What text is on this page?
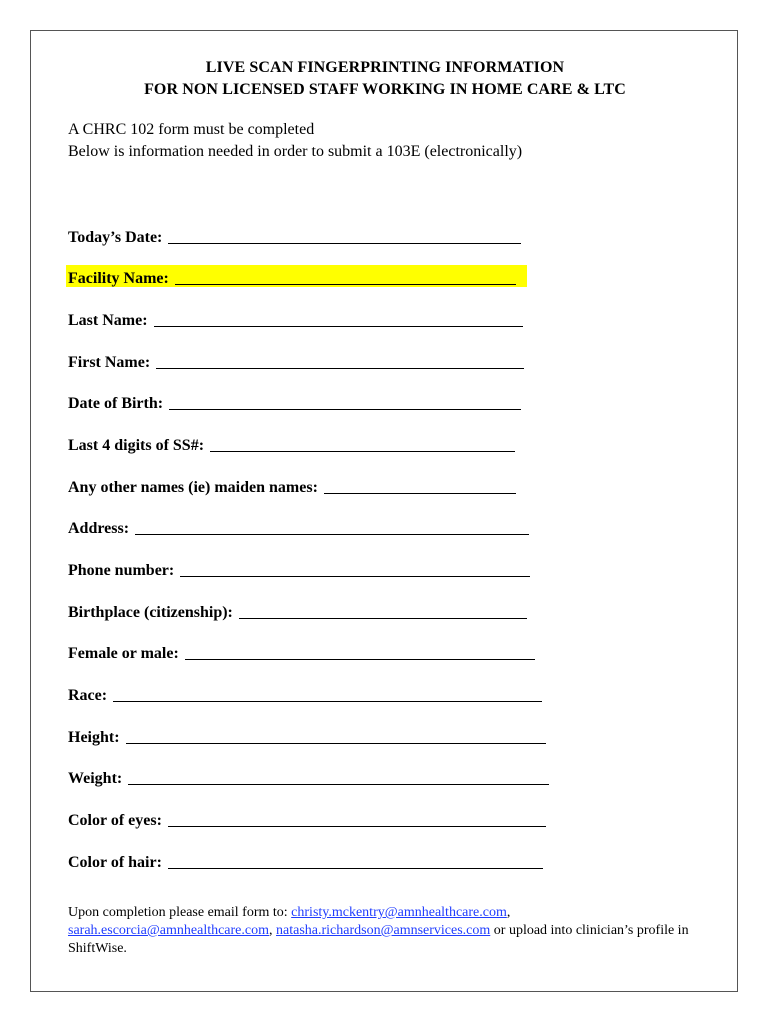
LIVE SCAN FINGERPRINTING INFORMATION
FOR NON LICENSED STAFF WORKING IN HOME CARE & LTC
A CHRC 102 form must be completed
Below is information needed in order to submit a 103E (electronically)
Today’s Date:
Facility Name:
Last Name:
First Name:
Date of Birth:
Last 4 digits of SS#:
Any other names (ie) maiden names:
Address:
Phone number:
Birthplace (citizenship):
Female or male:
Race:
Height:
Weight:
Color of eyes:
Color of hair:
Upon completion please email form to: christy.mckentry@amnhealthcare.com,
sarah.escorcia@amnhealthcare.com, natasha.richardson@amnservices.com or upload into clinician’s profile in
ShiftWise.
